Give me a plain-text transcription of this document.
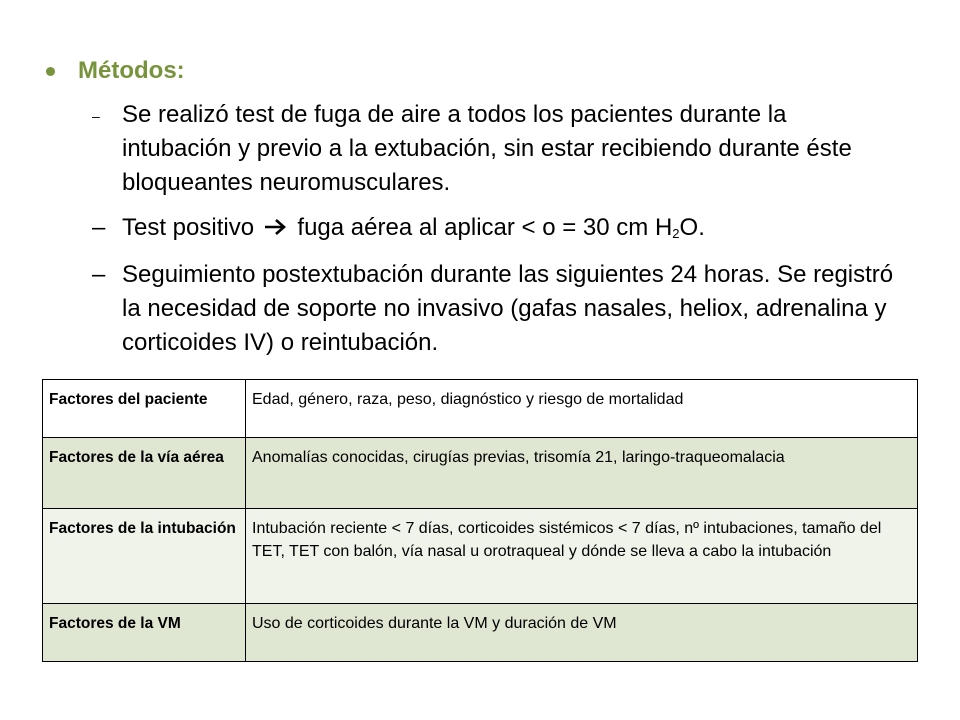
Métodos:
– Se realizó test de fuga de aire a todos los pacientes durante la intubación y previo a la extubación, sin estar recibiendo durante éste bloqueantes neuromusculares.
– Test positivo fuga aérea al aplicar < o = 30 cm $H_2O$.
– Seguimiento postextubación durante las siguientes 24 horas. Se registró la necesidad de soporte no invasivo (gafas nasales, heliox, adrenalina y corticoides IV) o reintubación.
Factores del paciente	Edad, género, raza, peso, diagnóstico y riesgo de mortalidad
Factores de la vía aérea	Anomalías conocidas, cirugías previas, trisomía 21, laringo-traqueomalacia
Factores de la intubación	Intubación reciente < 7 días, corticoides sistémicos < 7 días, nº intubaciones, tamaño del TET, TET con balón, vía nasal u orotraqueal y dónde se lleva a cabo la intubación
Factores de la VM	Uso de corticoides durante la VM y duración de VM
